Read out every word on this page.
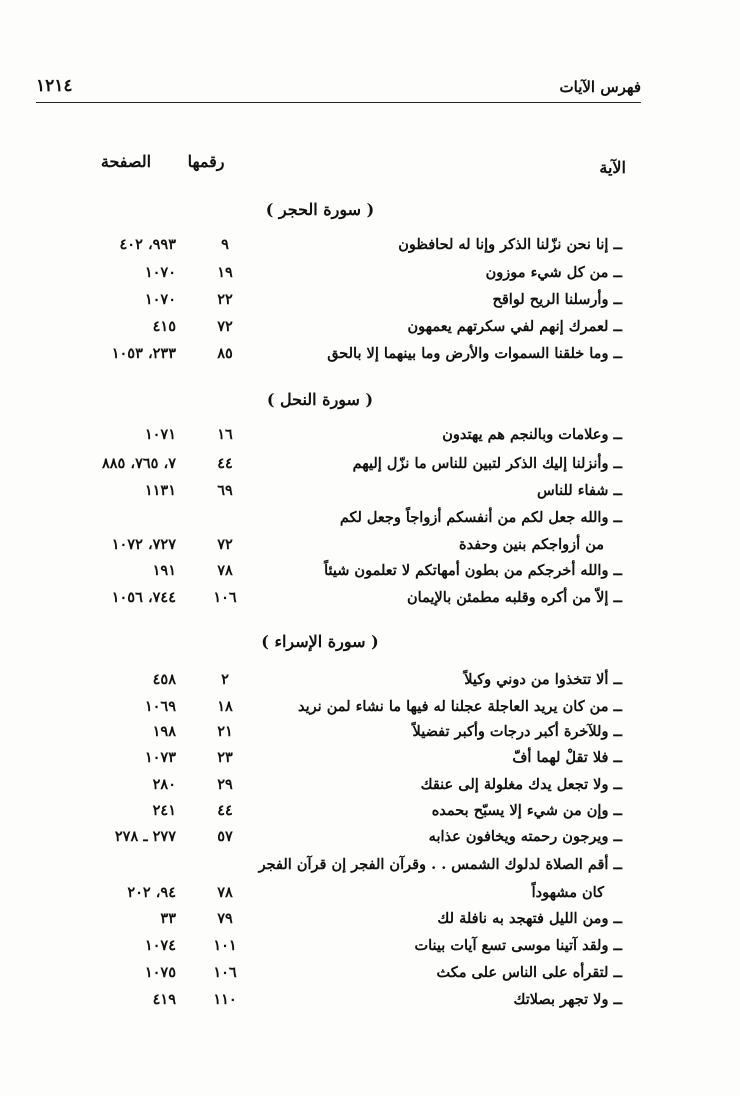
فهرس الآيات
١٢١٤
الآية
رقمها
الصفحة
( سورة الحجر )
ــ إنا نحن نزّلنا الذكر وإنا له لحافظون
٩
٩٩٣، ٤٠٢
ــ من كل شيء موزون
١٩
١٠٧٠
ــ وأرسلنا الريح لواقح
٢٢
١٠٧٠
ــ لعمرك إنهم لفي سكرتهم يعمهون
٧٢
٤١٥
ــ وما خلقنا السموات والأرض وما بينهما إلا بالحق
٨٥
٢٣٣، ١٠٥٣
( سورة النحل )
ــ وعلامات وبالنجم هم يهتدون
١٦
١٠٧١
ــ وأنزلنا إليك الذكر لتبين للناس ما نزّل إليهم
٤٤
٧، ٧٦٥، ٨٨٥
ــ شفاء للناس
٦٩
١١٣١
ــ والله جعل لكم من أنفسكم أزواجاً وجعل لكم
من أزواجكم بنين وحفدة
٧٢
٧٢٧، ١٠٧٢
ــ والله أخرجكم من بطون أمهاتكم لا تعلمون شيئاً
٧٨
١٩١
ــ إلاّ من أكره وقلبه مطمئن بالإيمان
١٠٦
٧٤٤، ١٠٥٦
( سورة الإسراء )
ــ ألا تتخذوا من دوني وكيلاً
٢
٤٥٨
ــ من كان يريد العاجلة عجلنا له فيها ما نشاء لمن نريد
١٨
١٠٦٩
ــ وللآخرة أكبر درجات وأكبر تفضيلاً
٢١
١٩٨
ــ فلا تقلْ لهما أفّ
٢٣
١٠٧٣
ــ ولا تجعل يدك مغلولة إلى عنقك
٢٩
٢٨٠
ــ وإن من شيء إلا يسبّح بحمده
٤٤
٢٤١
ــ ويرجون رحمته ويخافون عذابه
٥٧
٢٧٧ ـ ٢٧٨
ــ أقم الصلاة لدلوك الشمس . . وقرآن الفجر إن قرآن الفجر
كان مشهوداً
٧٨
٩٤، ٢٠٢
ــ ومن الليل فتهجد به نافلة لك
٧٩
٣٣
ــ ولقد آتينا موسى تسع آيات بينات
١٠١
١٠٧٤
ــ لتقرأه على الناس على مكث
١٠٦
١٠٧٥
ــ ولا تجهر بصلاتك
١١٠
٤١٩
